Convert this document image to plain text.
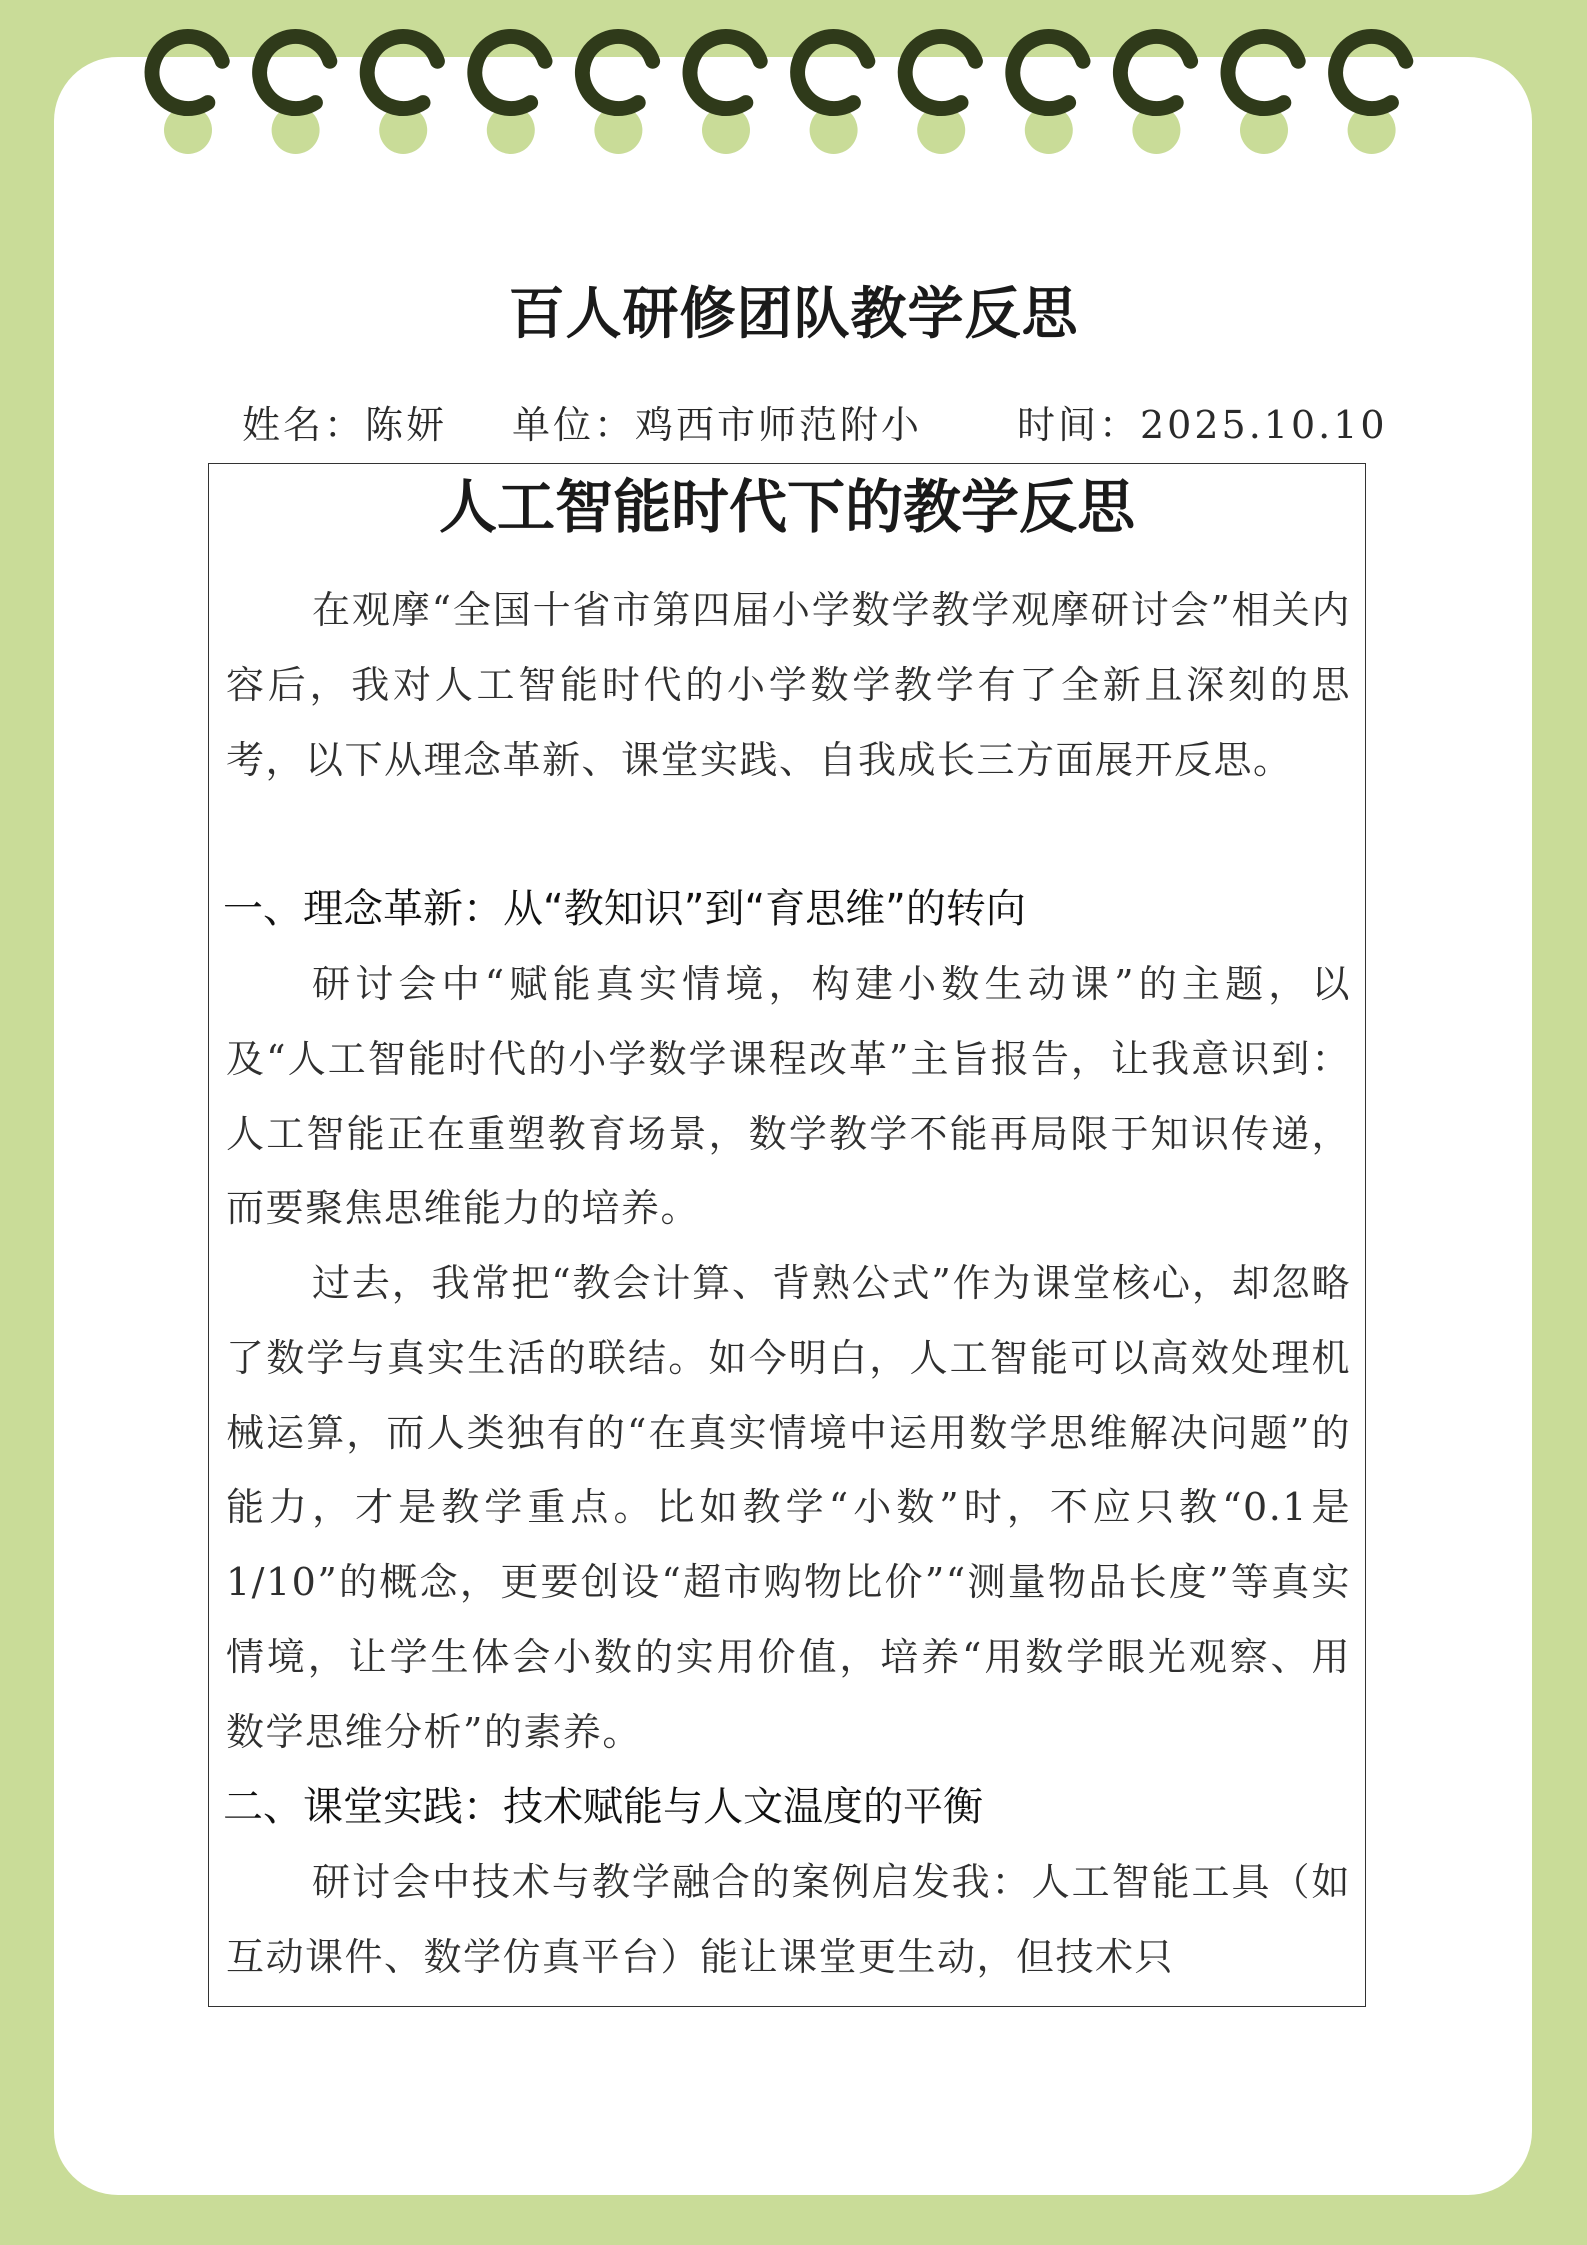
百人研修团队教学反思
姓名：陈妍 单位：鸡西市师范附小 时间：2025.10.10
人工智能时代下的教学反思

在观摩“全国十省市第四届小学数学教学观摩研讨会”相关内容后，我对人工智能时代的小学数学教学有了全新且深刻的思考，以下从理念革新、课堂实践、自我成长三方面展开反思。

一、理念革新：从“教知识”到“育思维”的转向

研讨会中“赋能真实情境，构建小数生动课”的主题，以及“人工智能时代的小学数学课程改革”主旨报告，让我意识到：人工智能正在重塑教育场景，数学教学不能再局限于知识传递，而要聚焦思维能力的培养。

过去，我常把“教会计算、背熟公式”作为课堂核心，却忽略了数学与真实生活的联结。如今明白，人工智能可以高效处理机械运算，而人类独有的“在真实情境中运用数学思维解决问题”的能力，才是教学重点。比如教学“小数”时，不应只教“0.1是1/10”的概念，更要创设“超市购物比价”“测量物品长度”等真实情境，让学生体会小数的实用价值，培养“用数学眼光观察、用数学思维分析”的素养。

二、课堂实践：技术赋能与人文温度的平衡

研讨会中技术与教学融合的案例启发我：人工智能工具（如互动课件、数学仿真平台）能让课堂更生动，但技术只
